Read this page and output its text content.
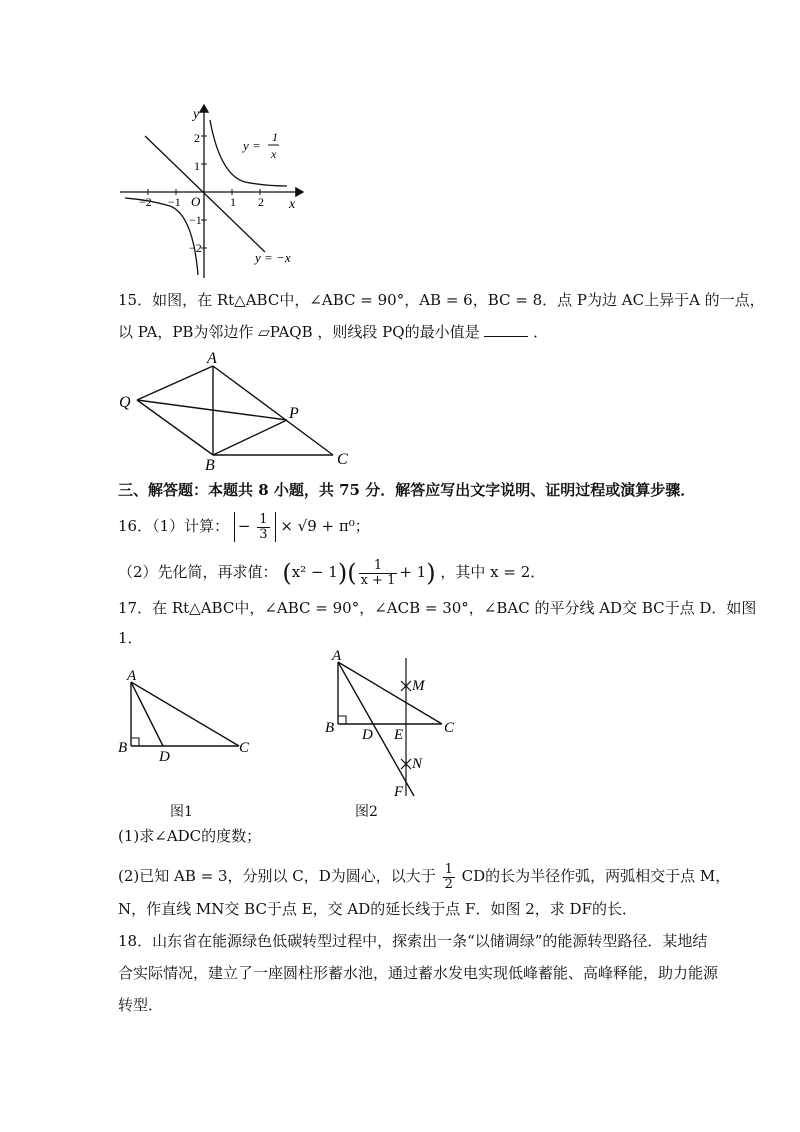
y
x
O
−2 −1	1 2
2
1
−1
−2
y =
1
x
y = −x
15．如图，在 Rt△ABC中，∠ABC = 90°，AB = 6，BC = 8．点 P为边 AC上异于A 的一点，
以 PA，PB为邻边作 ▱PAQB ，则线段 PQ的最小值是	．
A
Q
P
B	C
三、解答题：本题共 8 小题，共 75 分．解答应写出文字说明、证明过程或演算步骤．
16．（1）计算： − $\frac{1}{3} \times √9 + \pi^0$；
（2）先化简，再求值： $(x^2 - 1)( \frac{1}{x + 1} + 1)$ ，其中 x = 2．
17．在 Rt△ABC中，∠ABC = 90°，∠ACB = 30°，∠BAC 的平分线 AD交 BC于点 D．如图
1．
A
B
D
C
A
M
B D E	C
N
F
图1	图2
(1)求∠ADC的度数；
(2)已知 AB = 3，分别以 C，D为圆心，以大于 $\frac{1}{2}$ CD的长为半径作弧，两弧相交于点 M，
N，作直线 MN交 BC于点 E，交 AD的延长线于点 F．如图 2，求 DF的长．
18．山东省在能源绿色低碳转型过程中，探索出一条“以储调绿”的能源转型路径．某地结
合实际情况，建立了一座圆柱形蓄水池，通过蓄水发电实现低峰蓄能、高峰释能，助力能源
转型．
